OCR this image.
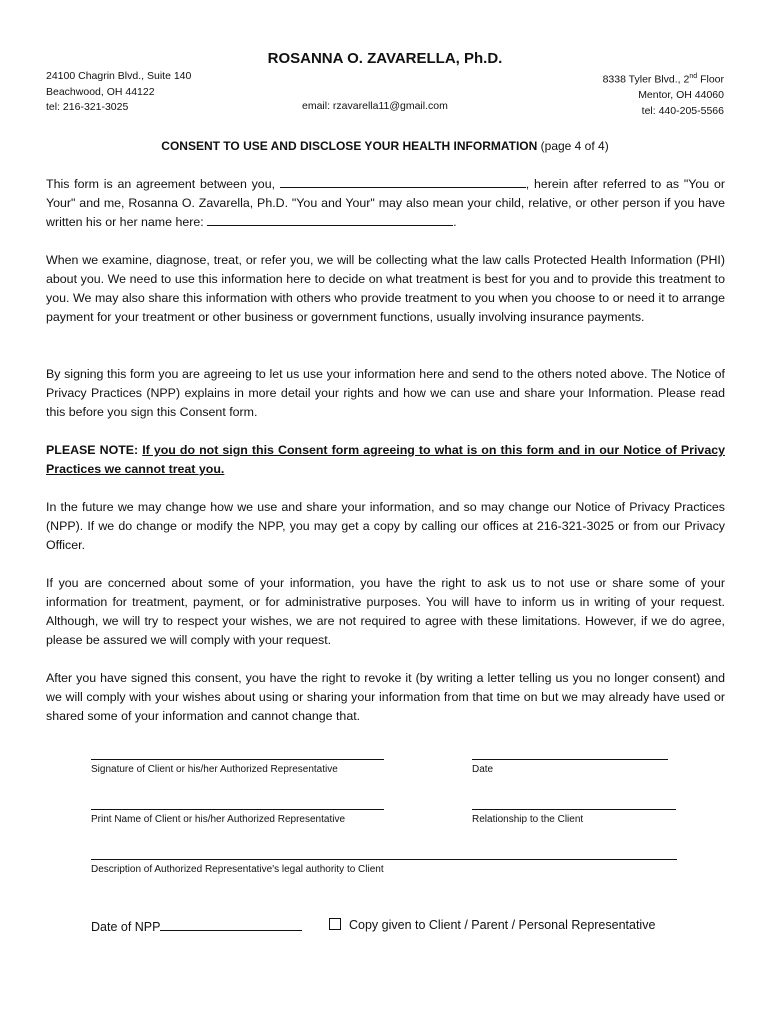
ROSANNA O. ZAVARELLA, Ph.D.
24100 Chagrin Blvd., Suite 140
Beachwood, OH 44122
tel: 216-321-3025
8338 Tyler Blvd., 2nd Floor
Mentor, OH 44060
tel: 440-205-5566
email: rzavarella11@gmail.com
CONSENT TO USE AND DISCLOSE YOUR HEALTH INFORMATION (page 4 of 4)
This form is an agreement between you,	, herein after referred to as "You or Your" and me, Rosanna O. Zavarella, Ph.D. "You and Your" may also mean your child, relative, or other person if you have written his or her name here:	.
When we examine, diagnose, treat, or refer you, we will be collecting what the law calls Protected Health Information (PHI) about you. We need to use this information here to decide on what treatment is best for you and to provide this treatment to you. We may also share this information with others who provide treatment to you when you choose to or need it to arrange payment for your treatment or other business or government functions, usually involving insurance payments.
By signing this form you are agreeing to let us use your information here and send to the others noted above. The Notice of Privacy Practices (NPP) explains in more detail your rights and how we can use and share your Information. Please read this before you sign this Consent form.
PLEASE NOTE: If you do not sign this Consent form agreeing to what is on this form and in our Notice of Privacy Practices we cannot treat you.
In the future we may change how we use and share your information, and so may change our Notice of Privacy Practices (NPP). If we do change or modify the NPP, you may get a copy by calling our offices at 216-321-3025 or from our Privacy Officer.
If you are concerned about some of your information, you have the right to ask us to not use or share some of your information for treatment, payment, or for administrative purposes. You will have to inform us in writing of your request. Although, we will try to respect your wishes, we are not required to agree with these limitations. However, if we do agree, please be assured we will comply with your request.
After you have signed this consent, you have the right to revoke it (by writing a letter telling us you no longer consent) and we will comply with your wishes about using or sharing your information from that time on but we may already have used or shared some of your information and cannot change that.
Signature of Client or his/her Authorized Representative	Date
Print Name of Client or his/her Authorized Representative	Relationship to the Client
Description of Authorized Representative's legal authority to Client
Date of NPP	Copy given to Client / Parent / Personal Representative
